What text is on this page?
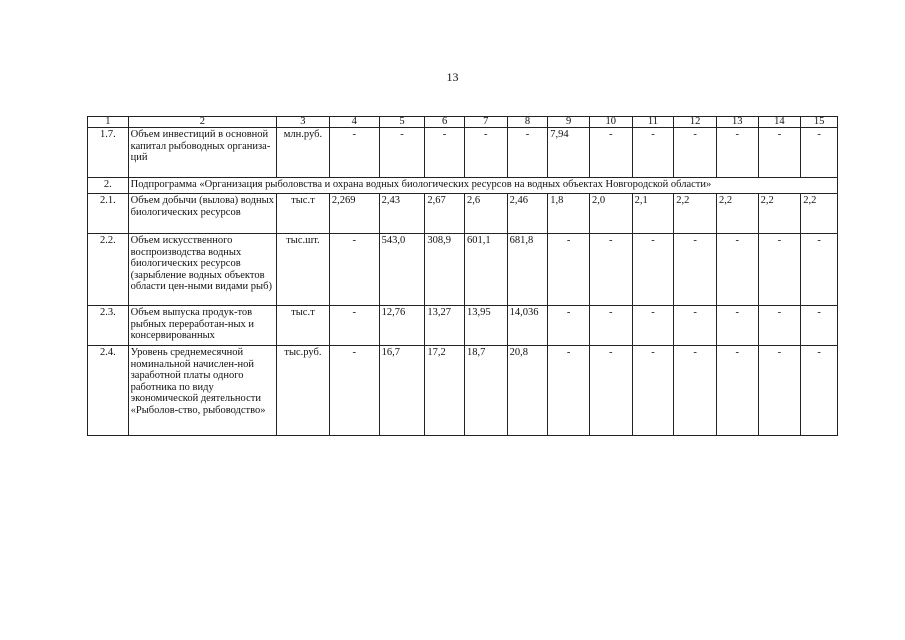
13
1	2	3	4	5	6	7	8	9	10	11	12	13	14	15
1.7.	Объем инвестиций в основной капитал рыбоводных организа-ций	млн.руб.	-	-	-	-	-	7,94	-	-	-	-	-	-
2.	Подпрограмма «Организация рыболовства и охрана водных биологических ресурсов на водных объектах Новгородской области»													
2.1.	Объем добычи (вылова) водных биологических ресурсов	тыс.т	2,269	2,43	2,67	2,6	2,46	1,8	2,0	2,1	2,2	2,2	2,2	2,2
2.2.	Объем искусственного воспроизводства водных биологических ресурсов (зарыбление водных объектов области цен-ными видами рыб)	тыс.шт.	-	543,0	308,9	601,1	681,8	-	-	-	-	-	-	-
2.3.	Объем выпуска продук-тов рыбных переработан-ных и консервированных	тыс.т	-	12,76	13,27	13,95	14,036	-	-	-	-	-	-	-
2.4.	Уровень среднемесячной номинальной начислен-ной заработной платы одного работника по виду экономической деятельности «Рыболов-ство, рыбоводство»	тыс.руб.	-	16,7	17,2	18,7	20,8	-	-	-	-	-	-	-
